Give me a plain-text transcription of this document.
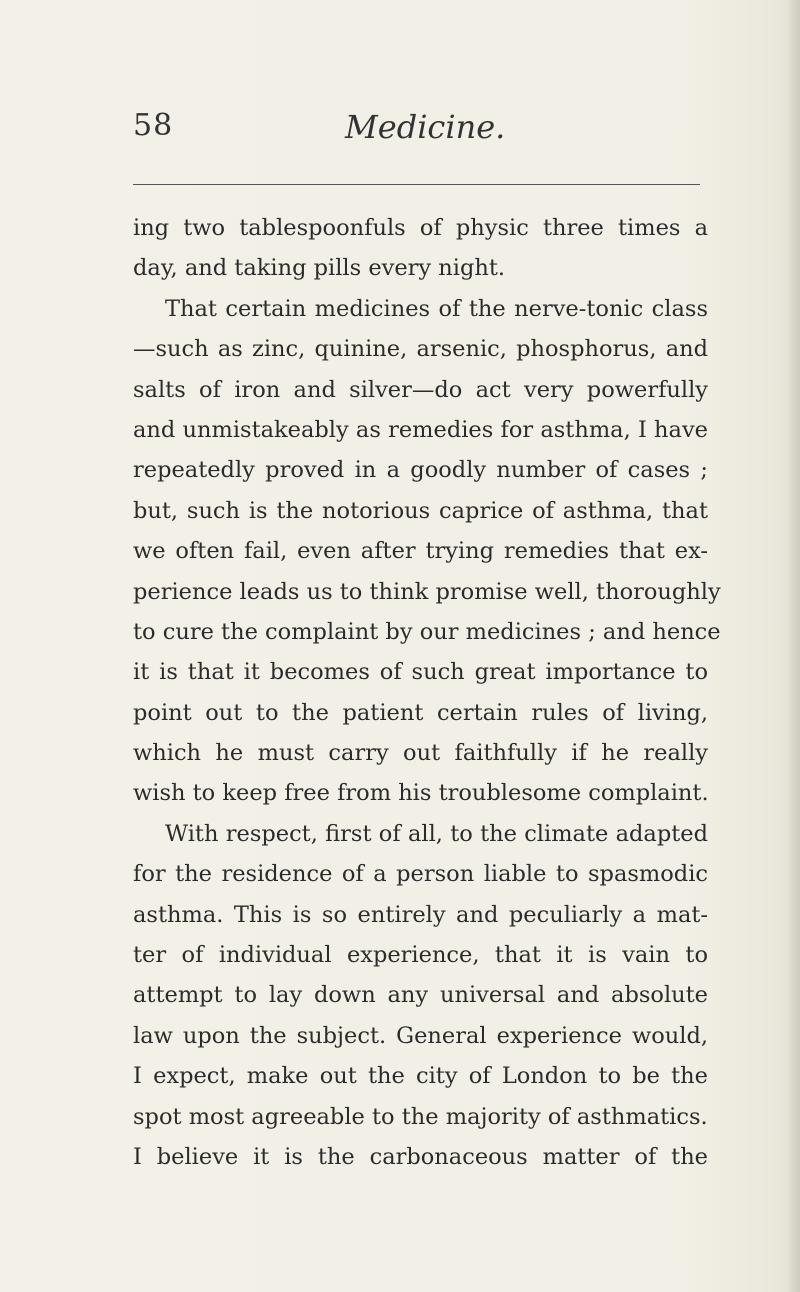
58	Medicine.
ing two tablespoonfuls of physic three times a
day, and taking pills every night.
That certain medicines of the nerve-tonic class
—such as zinc, quinine, arsenic, phosphorus, and
salts of iron and silver—do act very powerfully
and unmistakeably as remedies for asthma, I have
repeatedly proved in a goodly number of cases ;
but, such is the notorious caprice of asthma, that
we often fail, even after trying remedies that ex-
perience leads us to think promise well, thoroughly
to cure the complaint by our medicines ; and hence
it is that it becomes of such great importance to
point out to the patient certain rules of living,
which he must carry out faithfully if he really
wish to keep free from his troublesome complaint.
With respect, first of all, to the climate adapted
for the residence of a person liable to spasmodic
asthma. This is so entirely and peculiarly a mat-
ter of individual experience, that it is vain to
attempt to lay down any universal and absolute
law upon the subject. General experience would,
I expect, make out the city of London to be the
spot most agreeable to the majority of asthmatics.
I believe it is the carbonaceous matter of the
